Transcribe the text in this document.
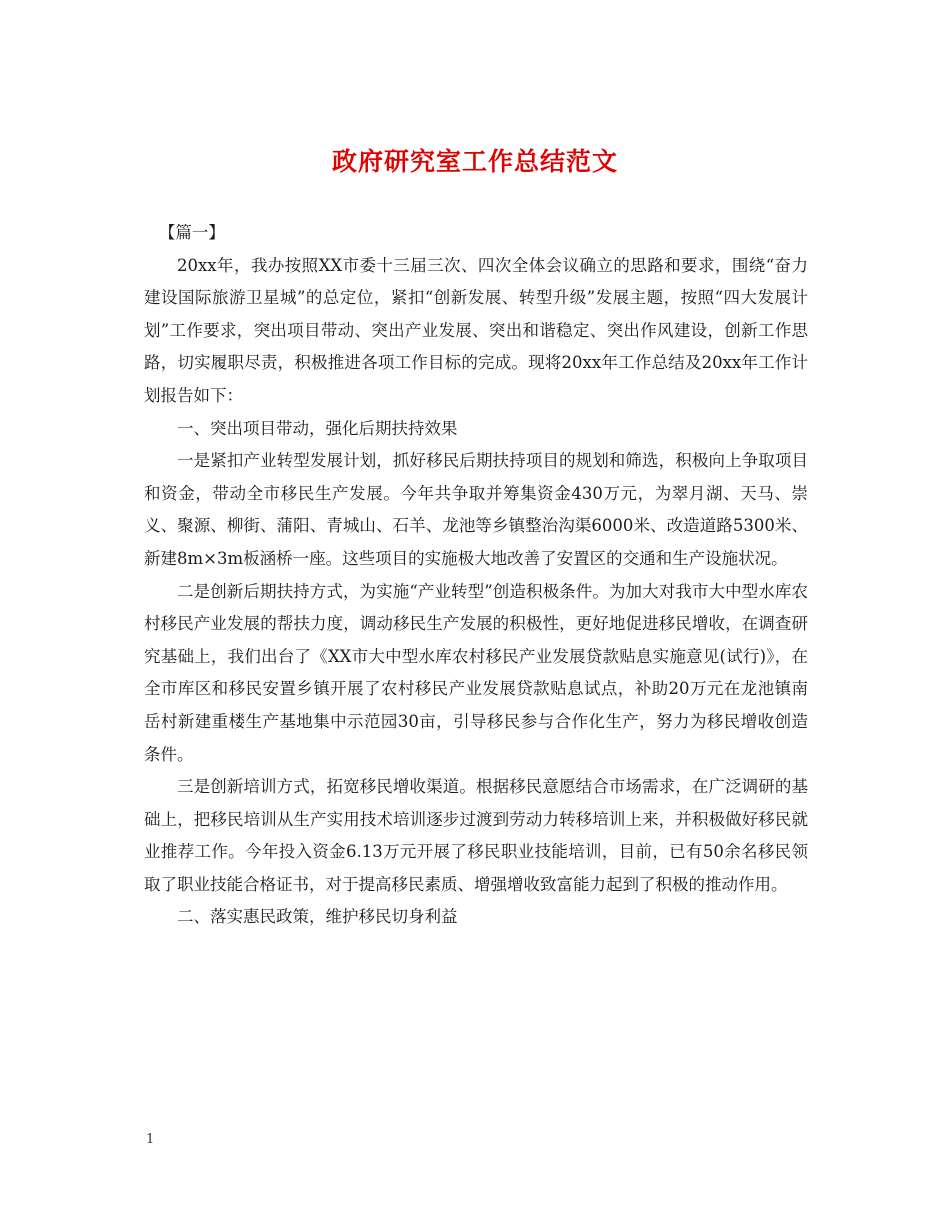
政府研究室工作总结范文

【篇一】

20xx年，我办按照XX市委十三届三次、四次全体会议确立的思路和要求，围绕“奋力建设国际旅游卫星城”的总定位，紧扣“创新发展、转型升级”发展主题，按照“四大发展计划”工作要求，突出项目带动、突出产业发展、突出和谐稳定、突出作风建设，创新工作思路，切实履职尽责，积极推进各项工作目标的完成。现将20xx年工作总结及20xx年工作计划报告如下：

一、突出项目带动，强化后期扶持效果

一是紧扣产业转型发展计划，抓好移民后期扶持项目的规划和筛选，积极向上争取项目和资金，带动全市移民生产发展。今年共争取并筹集资金430万元，为翠月湖、天马、崇义、聚源、柳街、蒲阳、青城山、石羊、龙池等乡镇整治沟渠6000米、改造道路5300米、新建8m×3m板涵桥一座。这些项目的实施极大地改善了安置区的交通和生产设施状况。

二是创新后期扶持方式，为实施“产业转型”创造积极条件。为加大对我市大中型水库农村移民产业发展的帮扶力度，调动移民生产发展的积极性，更好地促进移民增收，在调查研究基础上，我们出台了《XX市大中型水库农村移民产业发展贷款贴息实施意见(试行)》，在全市库区和移民安置乡镇开展了农村移民产业发展贷款贴息试点，补助20万元在龙池镇南岳村新建重楼生产基地集中示范园30亩，引导移民参与合作化生产，努力为移民增收创造条件。

三是创新培训方式，拓宽移民增收渠道。根据移民意愿结合市场需求，在广泛调研的基础上，把移民培训从生产实用技术培训逐步过渡到劳动力转移培训上来，并积极做好移民就业推荐工作。今年投入资金6.13万元开展了移民职业技能培训，目前，已有50余名移民领取了职业技能合格证书，对于提高移民素质、增强增收致富能力起到了积极的推动作用。

二、落实惠民政策，维护移民切身利益

1
